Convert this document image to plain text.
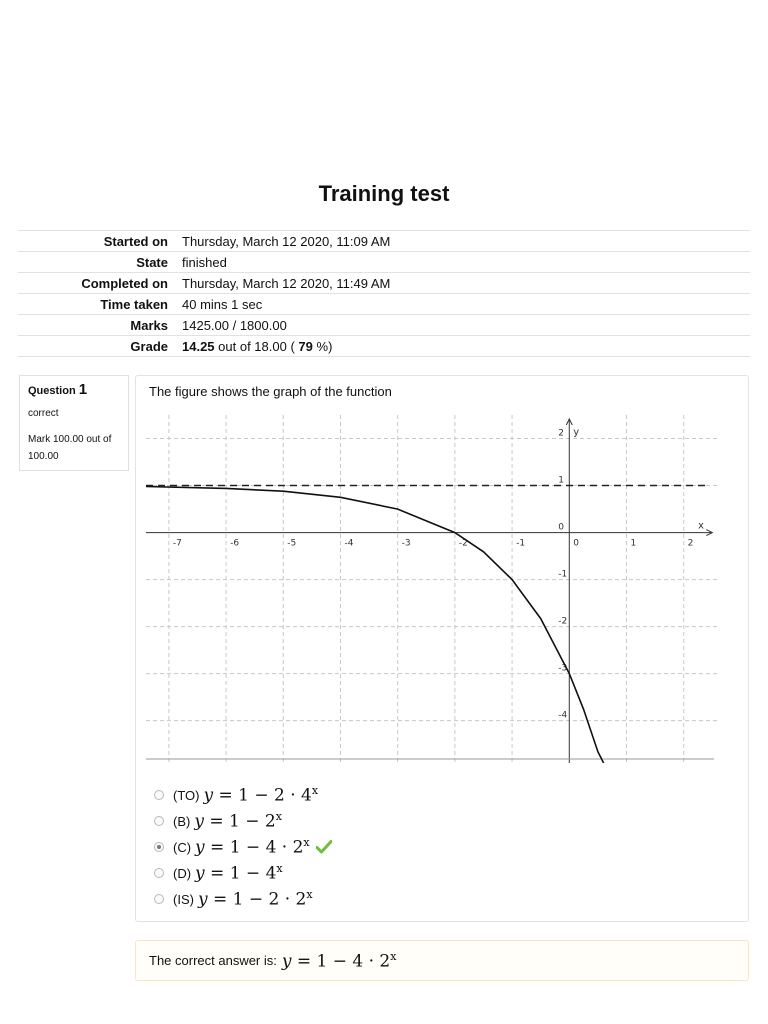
Training test
Started on	Thursday, March 12 2020, 11:09 AM
State	finished
Completed on	Thursday, March 12 2020, 11:49 AM
Time taken	40 mins 1 sec
Marks	1425.00 / 1800.00
Grade	14.25 out of 18.00 ( 79 %)
Question 1
correct
Mark 100.00 out of 100.00
The figure shows the graph of the function
-7	-6	-5	-4	-3	-2	-1	0	1	2
2
1
0
-1
-2
-3
-4
x
y
(TO) $y = 1 - 2 \cdot 4^x$
(B) $y = 1 - 2^x$
(C) $y = 1 - 4 \cdot 2^x$
(D) $y = 1 - 4^x$
(IS) $y = 1 - 2 \cdot 2^x$
The correct answer is: $y = 1 - 4 \cdot 2^x$
